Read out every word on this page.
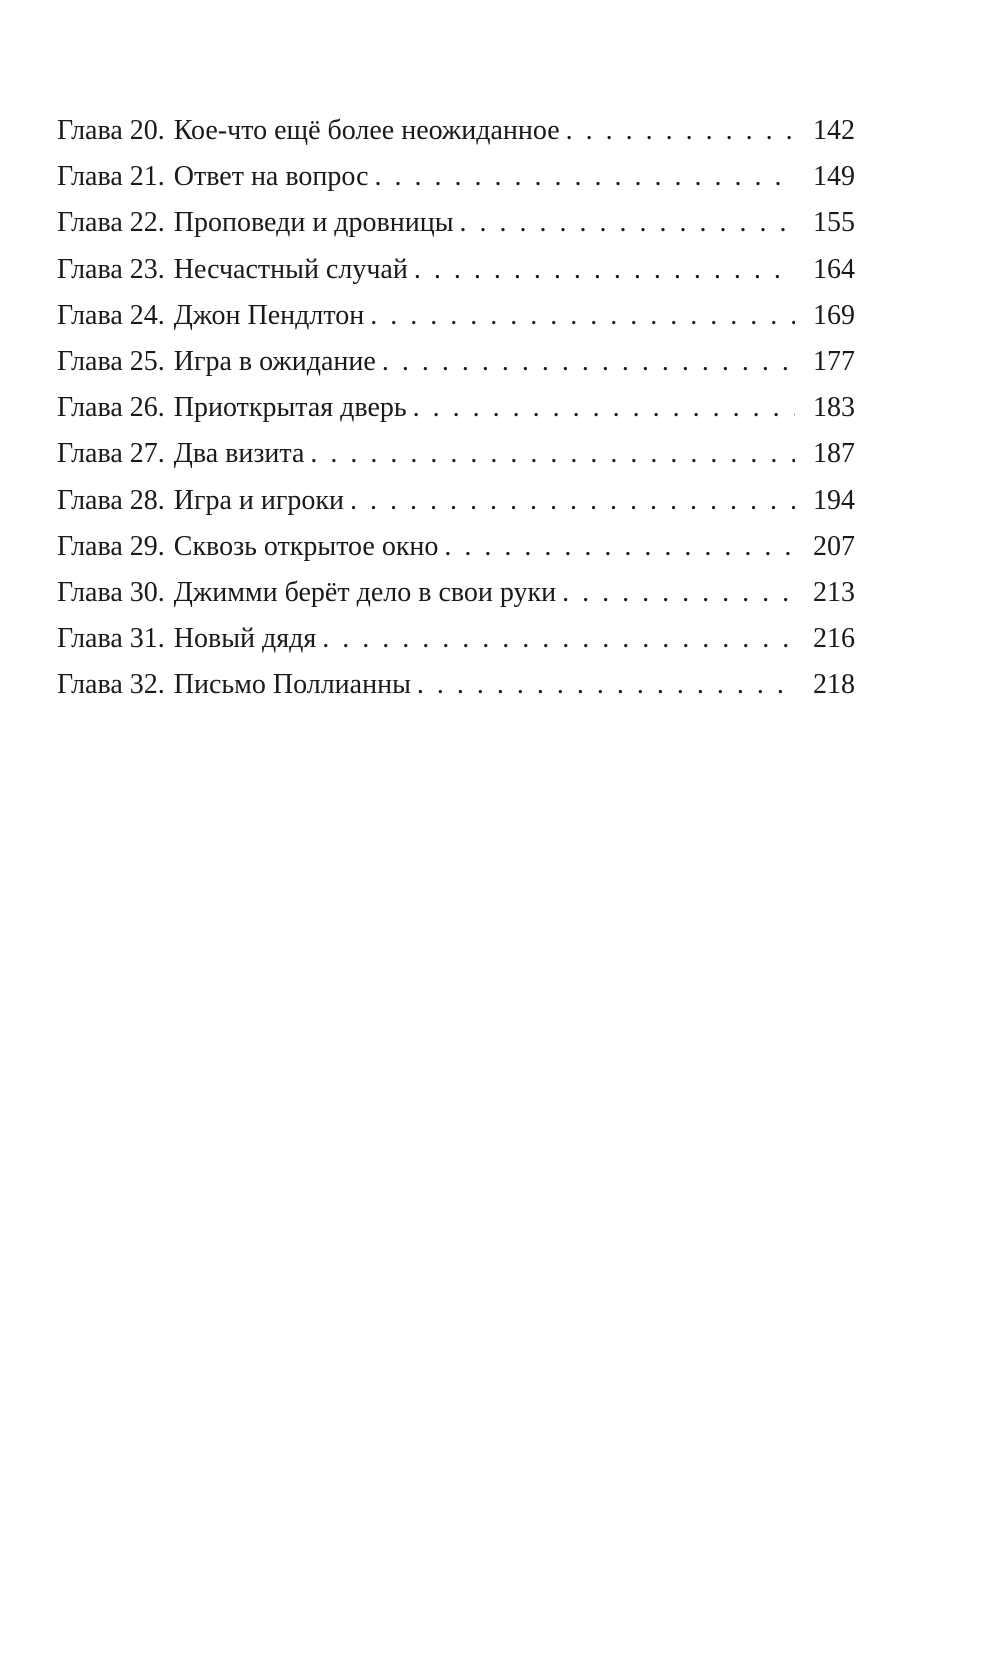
Глава 20. Кое-что ещё более неожиданное . . .	142
Глава 21. Ответ на вопрос . . .	149
Глава 22. Проповеди и дровницы . . .	155
Глава 23. Несчастный случай . . .	164
Глава 24. Джон Пендлтон . . .	169
Глава 25. Игра в ожидание . . .	177
Глава 26. Приоткрытая дверь . . .	183
Глава 27. Два визита . . .	187
Глава 28. Игра и игроки . . .	194
Глава 29. Сквозь открытое окно . . .	207
Глава 30. Джимми берёт дело в свои руки . . .	213
Глава 31. Новый дядя . . .	216
Глава 32. Письмо Поллианны . . .	218
